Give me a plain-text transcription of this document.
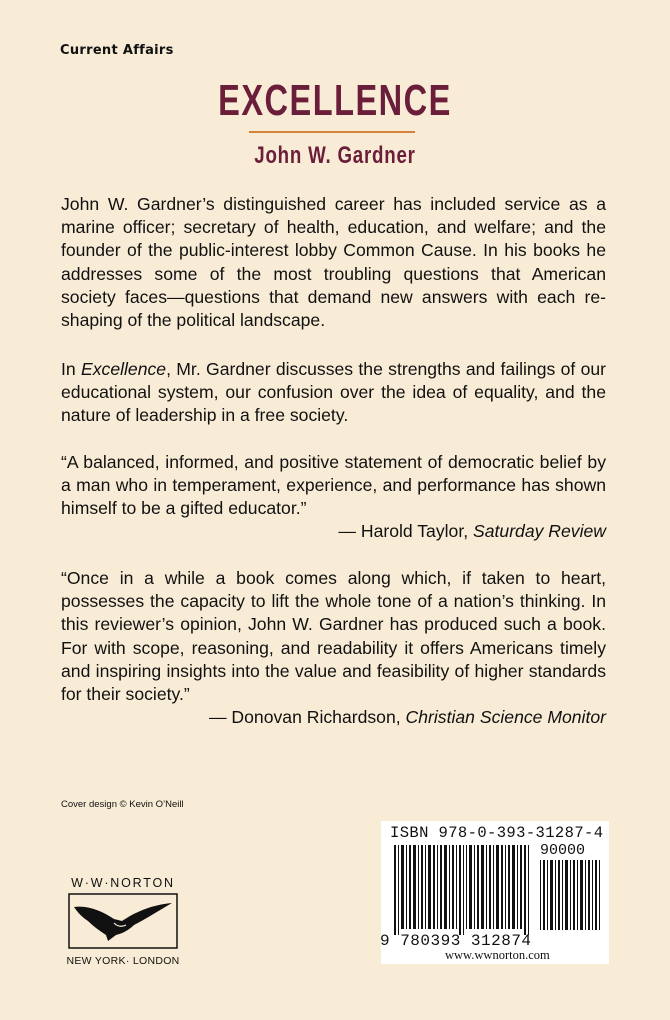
Current Affairs
EXCELLENCE
John W. Gardner

John W. Gardner’s distinguished career has included service as a marine officer; secretary of health, education, and welfare; and the founder of the public-interest lobby Common Cause. In his books he addresses some of the most troubling questions that American society faces—questions that demand new answers with each re-shaping of the political landscape.

In Excellence, Mr. Gardner discusses the strengths and failings of our educational system, our confusion over the idea of equality, and the nature of leadership in a free society.

“A balanced, informed, and positive statement of democratic belief by a man who in temperament, experience, and performance has shown himself to be a gifted educator.”

— Harold Taylor, Saturday Review

“Once in a while a book comes along which, if taken to heart, possesses the capacity to lift the whole tone of a nation’s thinking. In this reviewer’s opinion, John W. Gardner has produced such a book. For with scope, reasoning, and readability it offers Americans timely and inspiring insights into the value and feasibility of higher standards for their society.”

— Donovan Richardson, Christian Science Monitor
Cover design © Kevin O’Neill
W·W·NORTON
NEW YORK· LONDON
ISBN 978-0-393-31287-4
90000
9 780393 312874
www.wwnorton.com
